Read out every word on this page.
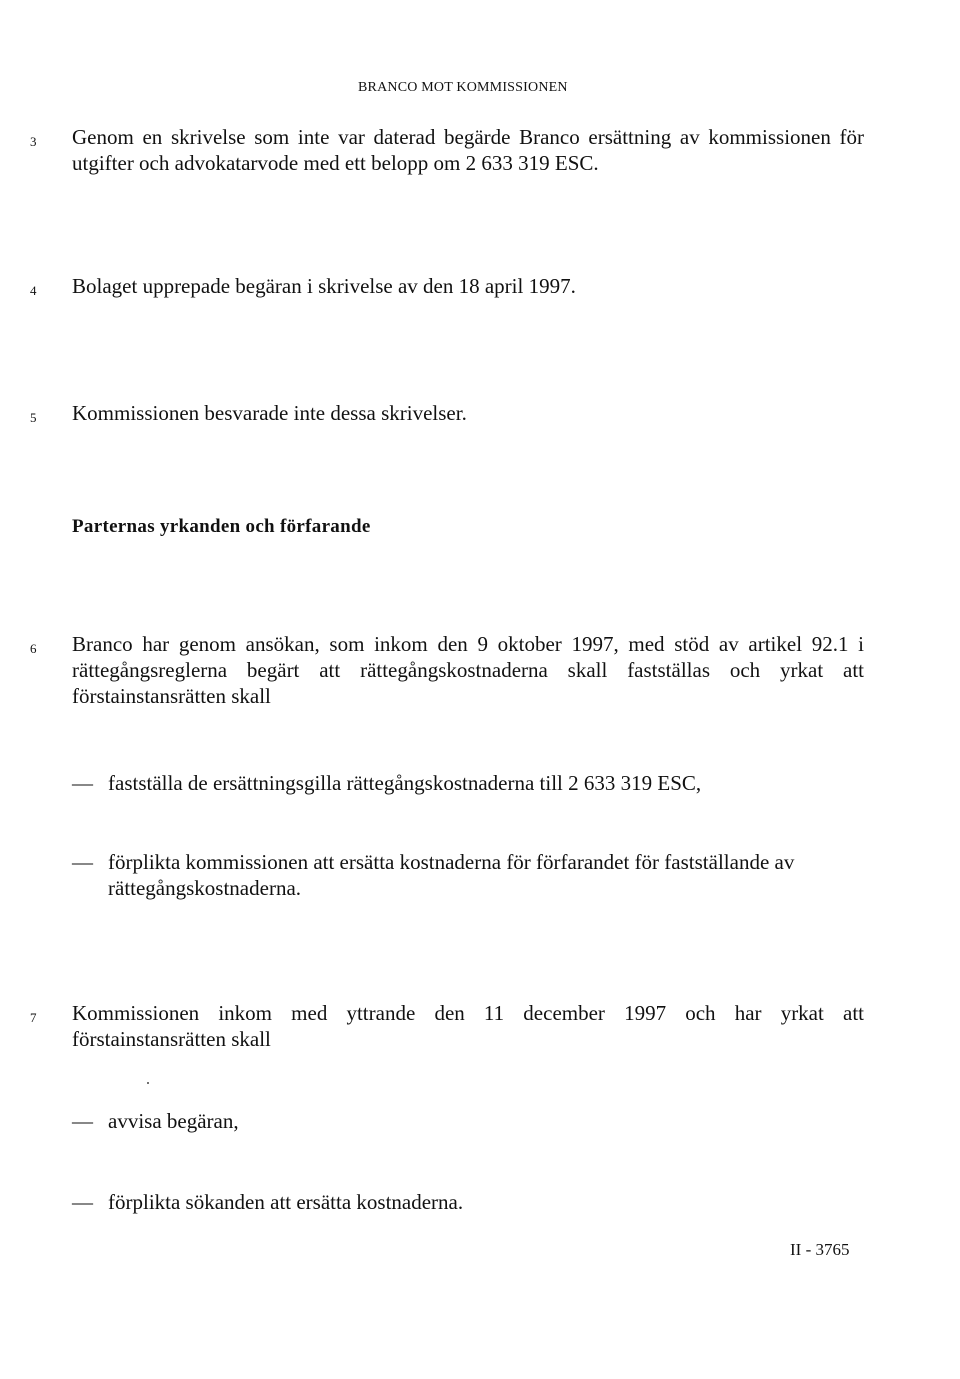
BRANCO MOT KOMMISSIONEN
3 Genom en skrivelse som inte var daterad begärde Branco ersättning av kommissionen för utgifter och advokatarvode med ett belopp om 2 633 319 ESC.
4 Bolaget upprepade begäran i skrivelse av den 18 april 1997.
5 Kommissionen besvarade inte dessa skrivelser.
Parternas yrkanden och förfarande
6 Branco har genom ansökan, som inkom den 9 oktober 1997, med stöd av artikel 92.1 i rättegångsreglerna begärt att rättegångskostnaderna skall fastställas och yrkat att förstainstansrätten skall
— fastställa de ersättningsgilla rättegångskostnaderna till 2 633 319 ESC,
— förplikta kommissionen att ersätta kostnaderna för förfarandet för fastställande av rättegångskostnaderna.
7 Kommissionen inkom med yttrande den 11 december 1997 och har yrkat att förstainstansrätten skall
— avvisa begäran,
— förplikta sökanden att ersätta kostnaderna.
II - 3765
